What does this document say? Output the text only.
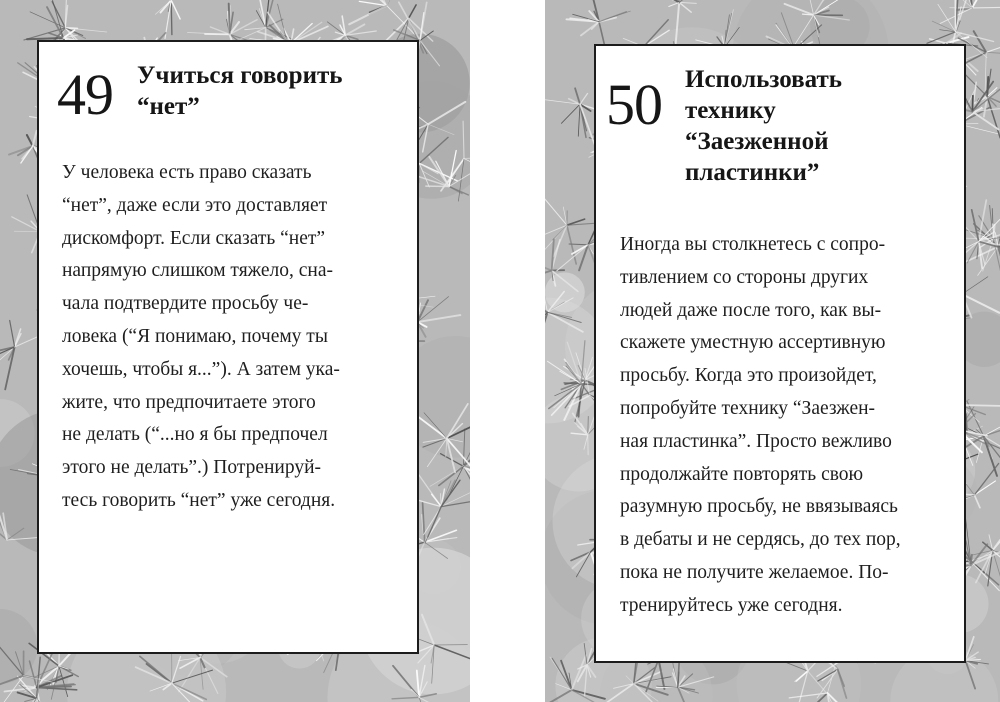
49 Учиться говорить
“нет”
У человека есть право сказать
“нет”, даже если это доставляет
дискомфорт. Если сказать “нет”
напрямую слишком тяжело, сна-
чала подтвердите просьбу че-
ловека (“Я понимаю, почему ты
хочешь, чтобы я...”). А затем ука-
жите, что предпочитаете этого
не делать (“...но я бы предпочел
этого не делать”.) Потренируй-
тесь говорить “нет” уже сегодня.
50 Использовать
технику
“Заезженной
пластинки”
Иногда вы столкнетесь с сопро-
тивлением со стороны других
людей даже после того, как вы-
скажете уместную ассертивную
просьбу. Когда это произойдет,
попробуйте технику “Заезжен-
ная пластинка”. Просто вежливо
продолжайте повторять свою
разумную просьбу, не ввязываясь
в дебаты и не сердясь, до тех пор,
пока не получите желаемое. По-
тренируйтесь уже сегодня.
